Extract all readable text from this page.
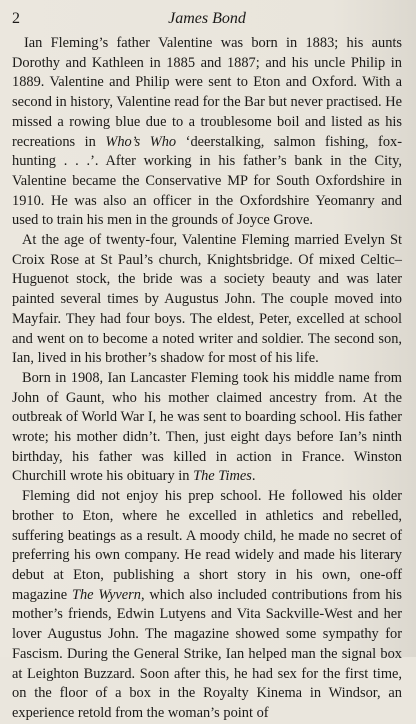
2	James Bond

Ian Fleming’s father Valentine was born in 1883; his aunts Dorothy and Kathleen in 1885 and 1887; and his uncle Philip in 1889. Valentine and Philip were sent to Eton and Oxford. With a second in history, Valentine read for the Bar but never practised. He missed a rowing blue due to a troublesome boil and listed as his recreations in Who’s Who ‘deerstalking, salmon fishing, fox-hunting . . .’. After working in his father’s bank in the City, Valentine became the Conservative MP for South Oxfordshire in 1910. He was also an officer in the Oxfordshire Yeomanry and used to train his men in the grounds of Joyce Grove.

At the age of twenty-four, Valentine Fleming married Evelyn St Croix Rose at St Paul’s church, Knightsbridge. Of mixed Celtic–Huguenot stock, the bride was a society beauty and was later painted several times by Augustus John. The couple moved into Mayfair. They had four boys. The eldest, Peter, excelled at school and went on to become a noted writer and soldier. The second son, Ian, lived in his brother’s shadow for most of his life.

Born in 1908, Ian Lancaster Fleming took his middle name from John of Gaunt, who his mother claimed ancestry from. At the outbreak of World War I, he was sent to boarding school. His father wrote; his mother didn’t. Then, just eight days before Ian’s ninth birthday, his father was killed in action in France. Winston Churchill wrote his obituary in The Times.

Fleming did not enjoy his prep school. He followed his older brother to Eton, where he excelled in athletics and rebelled, suffering beatings as a result. A moody child, he made no secret of preferring his own company. He read widely and made his literary debut at Eton, publishing a short story in his own, one-off magazine The Wyvern, which also included contributions from his mother’s friends, Edwin Lutyens and Vita Sackville-West and her lover Augustus John. The magazine showed some sympathy for Fascism. During the General Strike, Ian helped man the signal box at Leighton Buzzard. Soon after this, he had sex for the first time, on the floor of a box in the Royalty Kinema in Windsor, an experience retold from the woman’s point of
